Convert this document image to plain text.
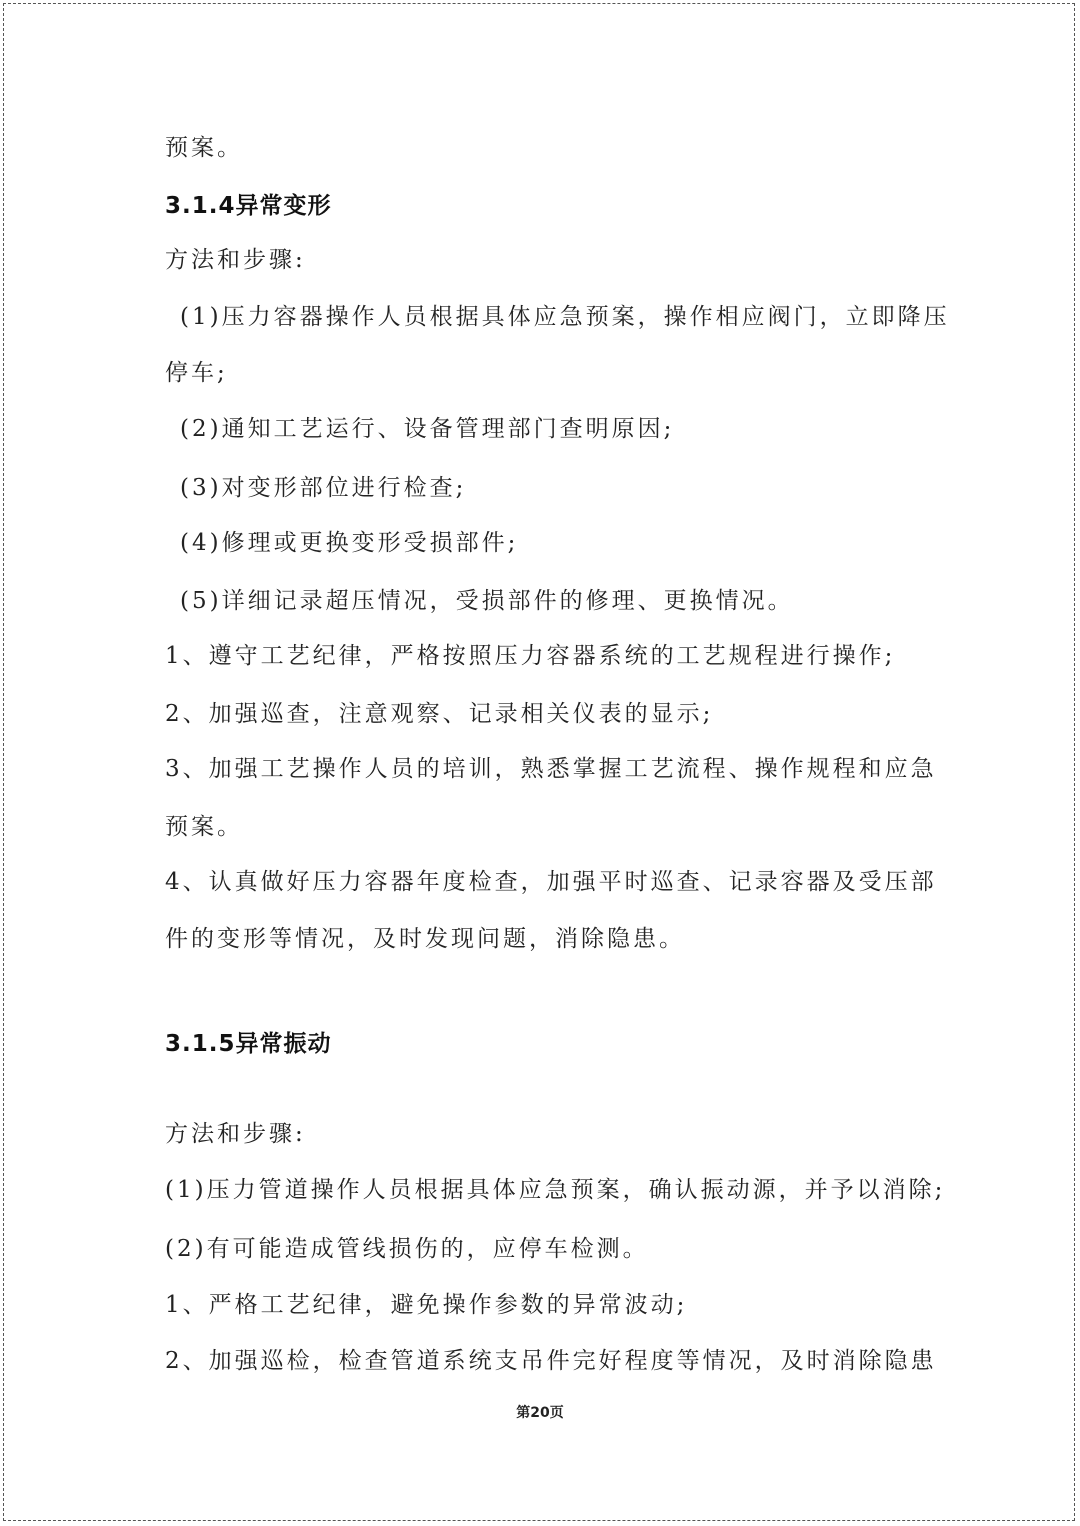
预案。
3.1.4异常变形
方法和步骤:
(1)压力容器操作人员根据具体应急预案，操作相应阀门，立即降压
停车;
(2)通知工艺运行、设备管理部门查明原因;
(3)对变形部位进行检查;
(4)修理或更换变形受损部件;
(5)详细记录超压情况，受损部件的修理、更换情况。
1、遵守工艺纪律，严格按照压力容器系统的工艺规程进行操作;
2、加强巡查，注意观察、记录相关仪表的显示;
3、加强工艺操作人员的培训，熟悉掌握工艺流程、操作规程和应急
预案。
4、认真做好压力容器年度检查，加强平时巡查、记录容器及受压部
件的变形等情况，及时发现问题，消除隐患。
3.1.5异常振动
方法和步骤:
(1)压力管道操作人员根据具体应急预案，确认振动源，并予以消除;
(2)有可能造成管线损伤的，应停车检测。
1、严格工艺纪律，避免操作参数的异常波动;
2、加强巡检，检查管道系统支吊件完好程度等情况，及时消除隐患
第20页
